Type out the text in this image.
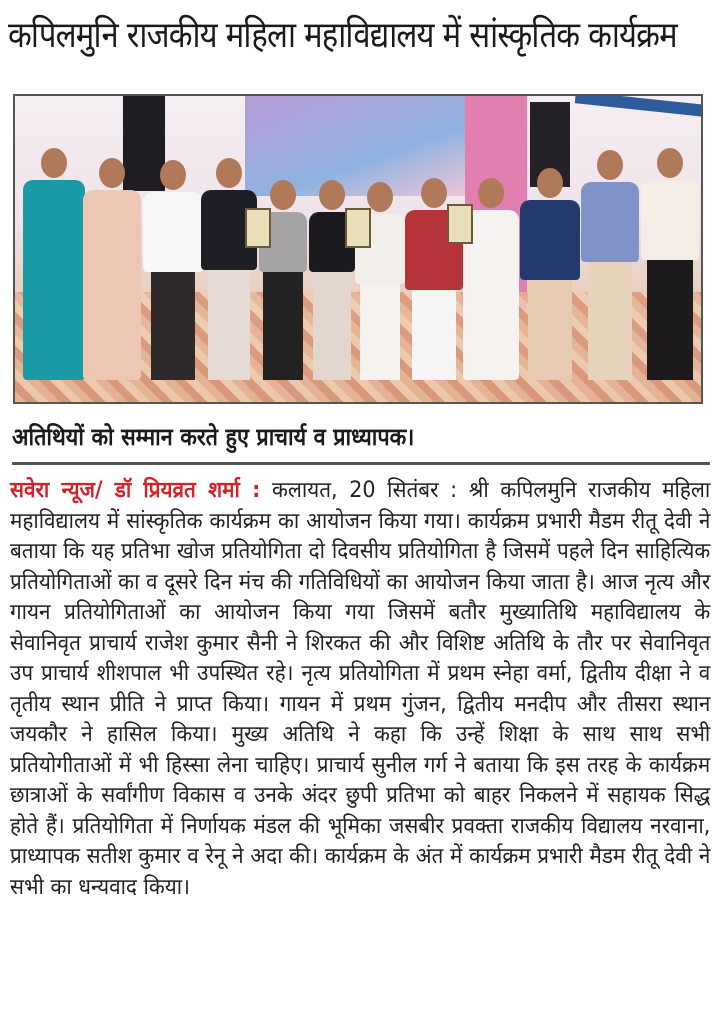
कपिलमुनि राजकीय महिला महाविद्यालय में सांस्कृतिक कार्यक्रम
अतिथियों को सम्मान करते हुए प्राचार्य व प्राध्यापक।
सवेरा न्यूज/ डॉ प्रियव्रत शर्मा : कलायत, 20 सितंबर : श्री कपिलमुनि राजकीय महिला महाविद्यालय में सांस्कृतिक कार्यक्रम का आयोजन किया गया। कार्यक्रम प्रभारी मैडम रीतू देवी ने बताया कि यह प्रतिभा खोज प्रतियोगिता दो दिवसीय प्रतियोगिता है जिसमें पहले दिन साहित्यिक प्रतियोगिताओं का व दूसरे दिन मंच की गतिविधियों का आयोजन किया जाता है। आज नृत्य और गायन प्रतियोगिताओं का आयोजन किया गया जिसमें बतौर मुख्यातिथि महाविद्यालय के सेवानिवृत प्राचार्य राजेश कुमार सैनी ने शिरकत की और विशिष्ट अतिथि के तौर पर सेवानिवृत उप प्राचार्य शीशपाल भी उपस्थित रहे। नृत्य प्रतियोगिता में प्रथम स्नेहा वर्मा, द्वितीय दीक्षा ने व तृतीय स्थान प्रीति ने प्राप्त किया। गायन में प्रथम गुंजन, द्वितीय मनदीप और तीसरा स्थान जयकौर ने हासिल किया। मुख्य अतिथि ने कहा कि उन्हें शिक्षा के साथ साथ सभी प्रतियोगीताओं में भी हिस्सा लेना चाहिए। प्राचार्य सुनील गर्ग ने बताया कि इस तरह के कार्यक्रम छात्राओं के सर्वांगीण विकास व उनके अंदर छुपी प्रतिभा को बाहर निकलने में सहायक सिद्ध होते हैं। प्रतियोगिता में निर्णायक मंडल की भूमिका जसबीर प्रवक्ता राजकीय विद्यालय नरवाना, प्राध्यापक सतीश कुमार व रेनू ने अदा की। कार्यक्रम के अंत में कार्यक्रम प्रभारी मैडम रीतू देवी ने सभी का धन्यवाद किया।
